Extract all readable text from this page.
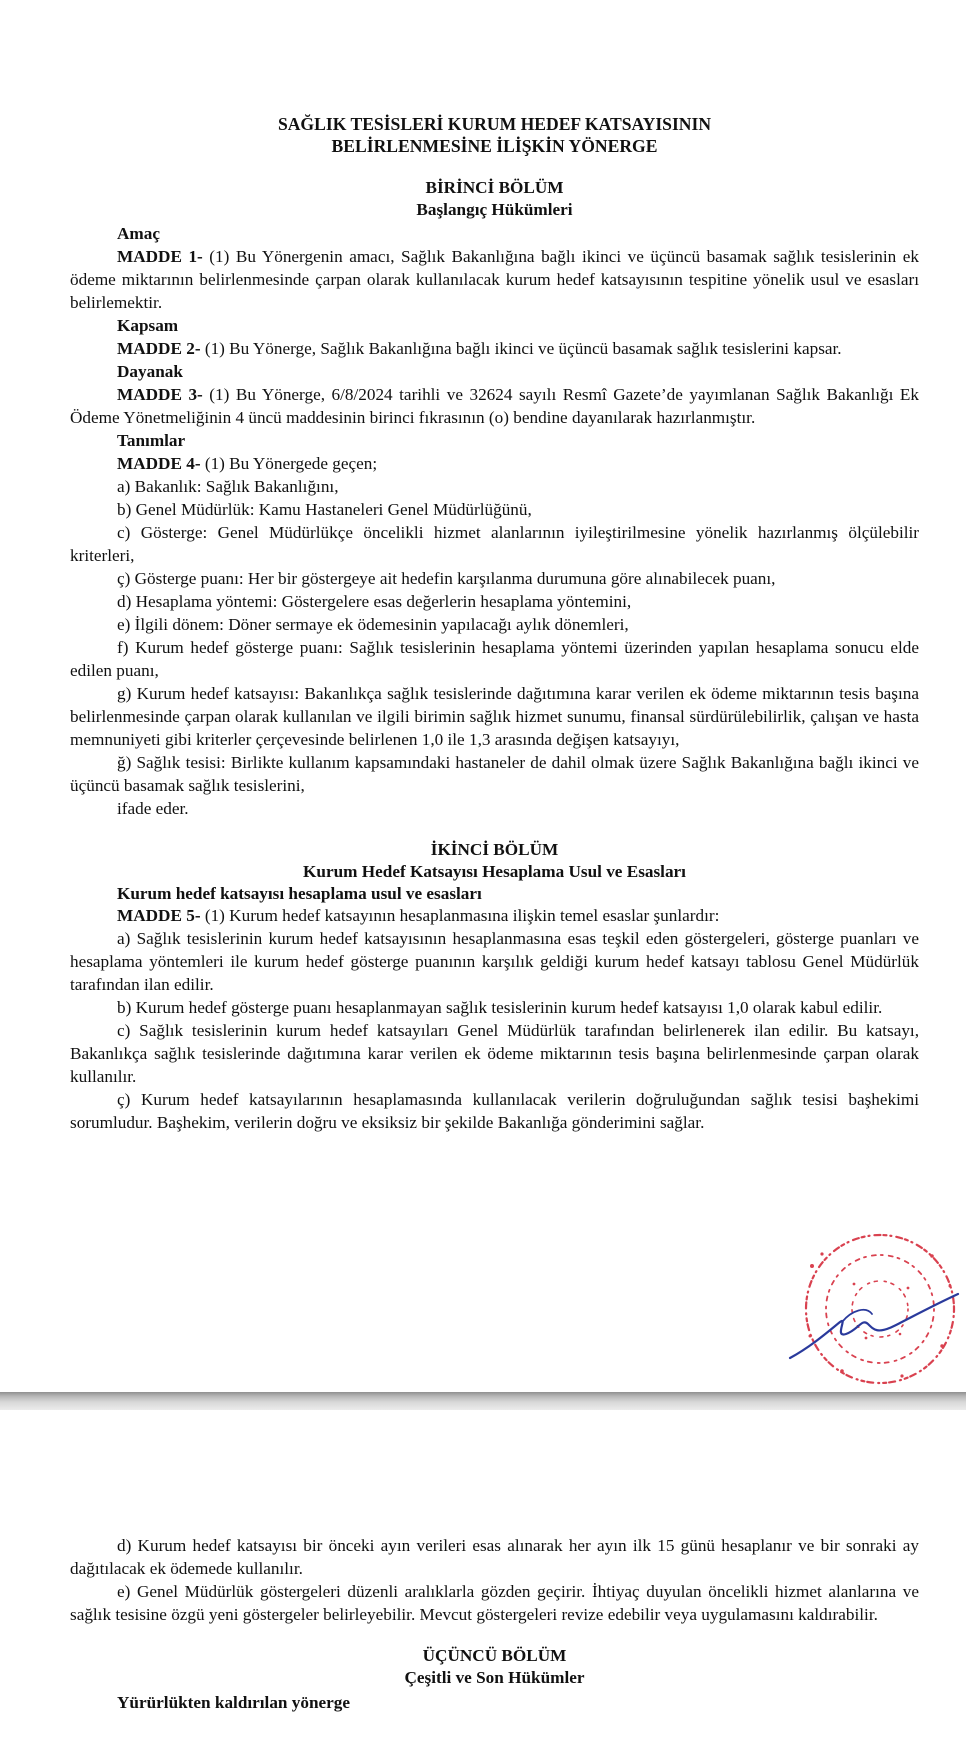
SAĞLIK TESİSLERİ KURUM HEDEF KATSAYISININ
BELİRLENMESİNE İLİŞKİN YÖNERGE
BİRİNCİ BÖLÜM
Başlangıç Hükümleri
Amaç

MADDE 1- (1) Bu Yönergenin amacı, Sağlık Bakanlığına bağlı ikinci ve üçüncü basamak sağlık tesislerinin ek ödeme miktarının belirlenmesinde çarpan olarak kullanılacak kurum hedef katsayısının tespitine yönelik usul ve esasları belirlemektir.

Kapsam

MADDE 2- (1) Bu Yönerge, Sağlık Bakanlığına bağlı ikinci ve üçüncü basamak sağlık tesislerini kapsar.

Dayanak

MADDE 3- (1) Bu Yönerge, 6/8/2024 tarihli ve 32624 sayılı Resmî Gazete’de yayımlanan Sağlık Bakanlığı Ek Ödeme Yönetmeliğinin 4 üncü maddesinin birinci fıkrasının (o) bendine dayanılarak hazırlanmıştır.

Tanımlar

MADDE 4- (1) Bu Yönergede geçen;

a) Bakanlık: Sağlık Bakanlığını,

b) Genel Müdürlük: Kamu Hastaneleri Genel Müdürlüğünü,

c) Gösterge: Genel Müdürlükçe öncelikli hizmet alanlarının iyileştirilmesine yönelik hazırlanmış ölçülebilir kriterleri,

ç) Gösterge puanı: Her bir göstergeye ait hedefin karşılanma durumuna göre alınabilecek puanı,

d) Hesaplama yöntemi: Göstergelere esas değerlerin hesaplama yöntemini,

e) İlgili dönem: Döner sermaye ek ödemesinin yapılacağı aylık dönemleri,

f) Kurum hedef gösterge puanı: Sağlık tesislerinin hesaplama yöntemi üzerinden yapılan hesaplama sonucu elde edilen puanı,

g) Kurum hedef katsayısı: Bakanlıkça sağlık tesislerinde dağıtımına karar verilen ek ödeme miktarının tesis başına belirlenmesinde çarpan olarak kullanılan ve ilgili birimin sağlık hizmet sunumu, finansal sürdürülebilirlik, çalışan ve hasta memnuniyeti gibi kriterler çerçevesinde belirlenen 1,0 ile 1,3 arasında değişen katsayıyı,

ğ) Sağlık tesisi: Birlikte kullanım kapsamındaki hastaneler de dahil olmak üzere Sağlık Bakanlığına bağlı ikinci ve üçüncü basamak sağlık tesislerini,

ifade eder.

İKİNCİ BÖLÜM
Kurum Hedef Katsayısı Hesaplama Usul ve Esasları
Kurum hedef katsayısı hesaplama usul ve esasları

MADDE 5- (1) Kurum hedef katsayının hesaplanmasına ilişkin temel esaslar şunlardır:

a) Sağlık tesislerinin kurum hedef katsayısının hesaplanmasına esas teşkil eden göstergeleri, gösterge puanları ve hesaplama yöntemleri ile kurum hedef gösterge puanının karşılık geldiği kurum hedef katsayı tablosu Genel Müdürlük tarafından ilan edilir.

b) Kurum hedef gösterge puanı hesaplanmayan sağlık tesislerinin kurum hedef katsayısı 1,0 olarak kabul edilir.

c) Sağlık tesislerinin kurum hedef katsayıları Genel Müdürlük tarafından belirlenerek ilan edilir. Bu katsayı, Bakanlıkça sağlık tesislerinde dağıtımına karar verilen ek ödeme miktarının tesis başına belirlenmesinde çarpan olarak kullanılır.

ç) Kurum hedef katsayılarının hesaplamasında kullanılacak verilerin doğruluğundan sağlık tesisi başhekimi sorumludur. Başhekim, verilerin doğru ve eksiksiz bir şekilde Bakanlığa gönderimini sağlar.

d) Kurum hedef katsayısı bir önceki ayın verileri esas alınarak her ayın ilk 15 günü hesaplanır ve bir sonraki ay dağıtılacak ek ödemede kullanılır.

e) Genel Müdürlük göstergeleri düzenli aralıklarla gözden geçirir. İhtiyaç duyulan öncelikli hizmet alanlarına ve sağlık tesisine özgü yeni göstergeler belirleyebilir. Mevcut göstergeleri revize edebilir veya uygulamasını kaldırabilir.

ÜÇÜNCÜ BÖLÜM
Çeşitli ve Son Hükümler
Yürürlükten kaldırılan yönerge
